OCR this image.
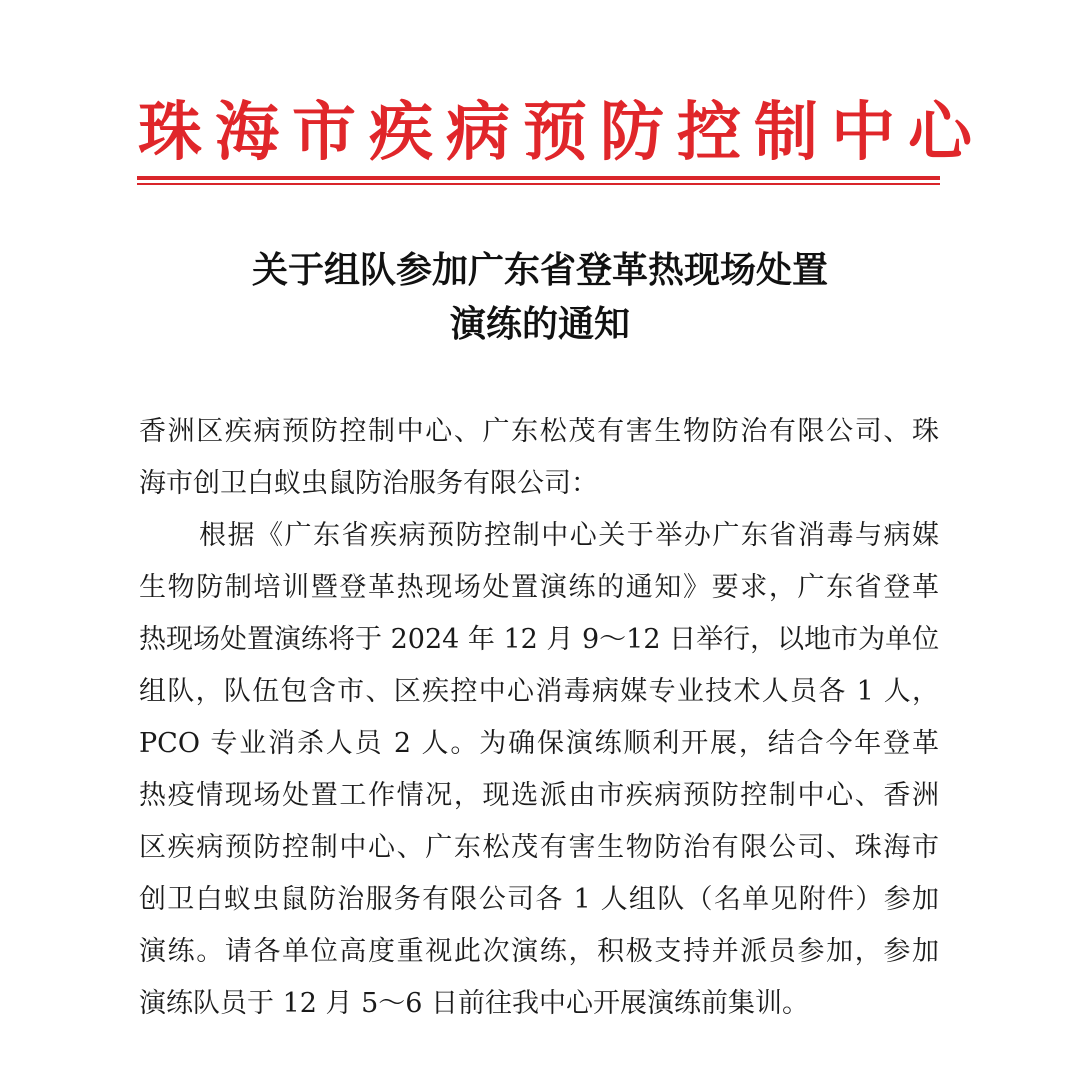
珠海市疾病预防控制中心
关于组队参加广东省登革热现场处置
演练的通知

香洲区疾病预防控制中心、广东松茂有害生物防治有限公司、珠

海市创卫白蚁虫鼠防治服务有限公司：

根据《广东省疾病预防控制中心关于举办广东省消毒与病媒

生物防制培训暨登革热现场处置演练的通知》要求，广东省登革

热现场处置演练将于 2024 年 12 月 9～12 日举行，以地市为单位

组队，队伍包含市、区疾控中心消毒病媒专业技术人员各 1 人，

PCO 专业消杀人员 2 人。为确保演练顺利开展，结合今年登革

热疫情现场处置工作情况，现选派由市疾病预防控制中心、香洲

区疾病预防控制中心、广东松茂有害生物防治有限公司、珠海市

创卫白蚁虫鼠防治服务有限公司各 1 人组队（名单见附件）参加

演练。请各单位高度重视此次演练，积极支持并派员参加，参加

演练队员于 12 月 5～6 日前往我中心开展演练前集训。
